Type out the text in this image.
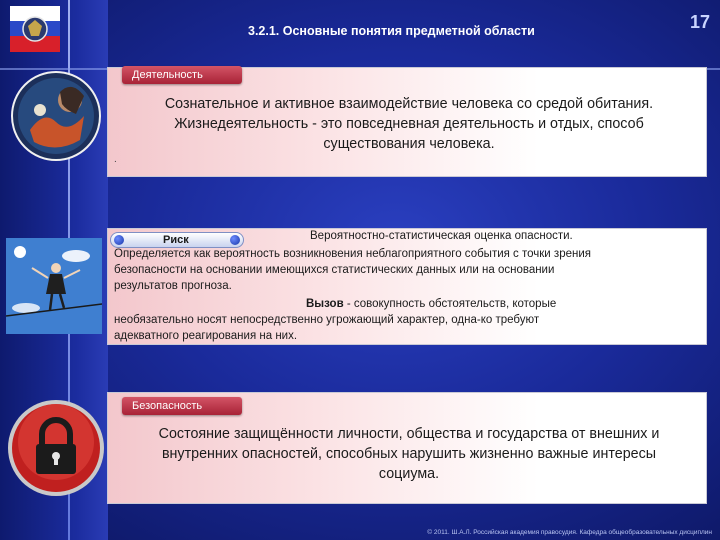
3.2.1. Основные понятия предметной области	17
Деятельность
Сознательное и активное взаимодействие человека со средой обитания.
Жизнедеятельность - это повседневная деятельность и отдых, способ
существования человека.
.
Риск	Вероятностно-статистическая оценка опасности.
Определяется как вероятность возникновения неблагоприятного события с точки зрения
безопасности на основании имеющихся статистических данных или на основании
результатов прогноза.
Вызов - совокупность обстоятельств, которые
необязательно носят непосредственно угрожающий характер, одна-ко требуют
адекватного реагирования на них.
Безопасность
Состояние защищённости личности, общества и государства от внешних и
внутренних опасностей, способных нарушить жизненно важные интересы
социума.
© 2011. Ш.А.Л. Российская академия правосудия. Кафедра общеобразовательных дисциплин
